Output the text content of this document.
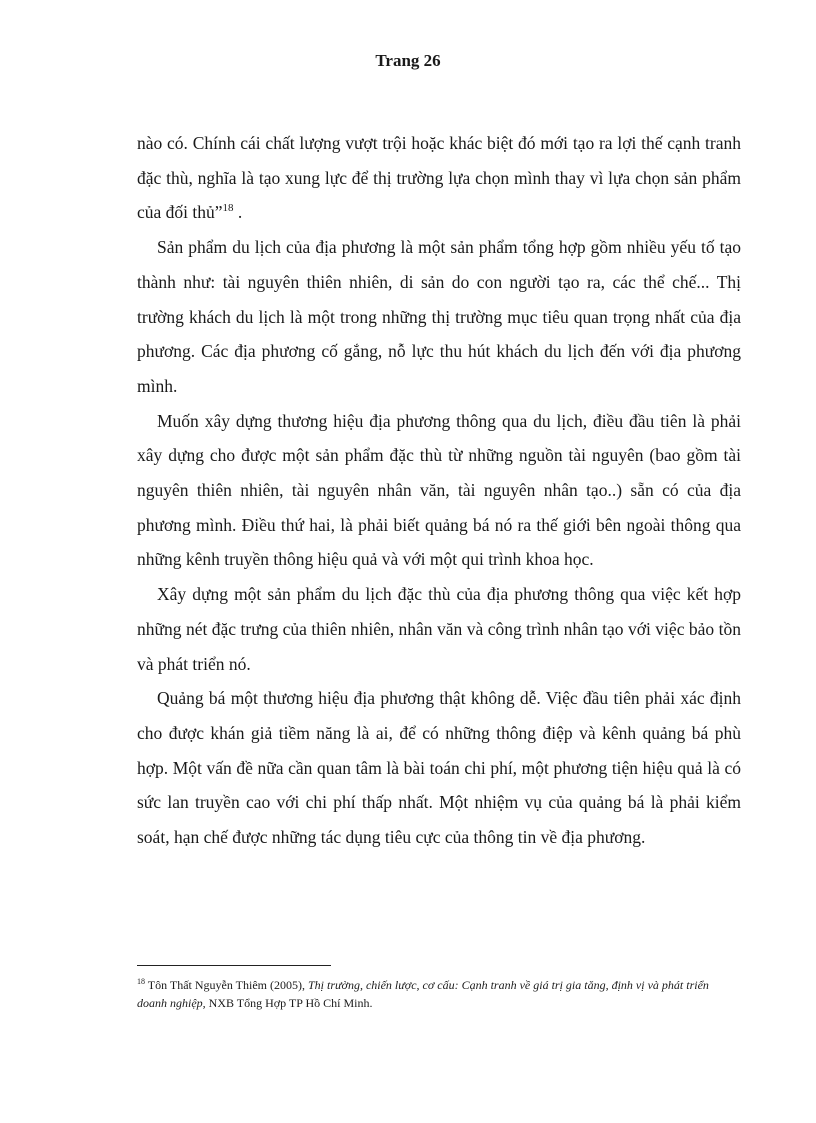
Trang 26

nào có. Chính cái chất lượng vượt trội hoặc khác biệt đó mới tạo ra lợi thế cạnh tranh đặc thù, nghĩa là tạo xung lực để thị trường lựa chọn mình thay vì lựa chọn sản phẩm của đối thủ”$^{18}$ .

Sản phẩm du lịch của địa phương là một sản phẩm tổng hợp gồm nhiều yếu tố tạo thành như: tài nguyên thiên nhiên, di sản do con người tạo ra, các thể chế... Thị trường khách du lịch là một trong những thị trường mục tiêu quan trọng nhất của địa phương. Các địa phương cố gắng, nỗ lực thu hút khách du lịch đến với địa phương mình.

Muốn xây dựng thương hiệu địa phương thông qua du lịch, điều đầu tiên là phải xây dựng cho được một sản phẩm đặc thù từ những nguồn tài nguyên (bao gồm tài nguyên thiên nhiên, tài nguyên nhân văn, tài nguyên nhân tạo..) sẵn có của địa phương mình. Điều thứ hai, là phải biết quảng bá nó ra thế giới bên ngoài thông qua những kênh truyền thông hiệu quả và với một qui trình khoa học.

Xây dựng một sản phẩm du lịch đặc thù của địa phương thông qua việc kết hợp những nét đặc trưng của thiên nhiên, nhân văn và công trình nhân tạo với việc bảo tồn và phát triển nó.

Quảng bá một thương hiệu địa phương thật không dễ. Việc đầu tiên phải xác định cho được khán giả tiềm năng là ai, để có những thông điệp và kênh quảng bá phù hợp. Một vấn đề nữa cần quan tâm là bài toán chi phí, một phương tiện hiệu quả là có sức lan truyền cao với chi phí thấp nhất. Một nhiệm vụ của quảng bá là phải kiểm soát, hạn chế được những tác dụng tiêu cực của thông tin về địa phương.

$^{18}$ Tôn Thất Nguyễn Thiêm (2005), Thị trường, chiến lược, cơ cấu: Cạnh tranh về giá trị gia tăng, định vị và phát triển doanh nghiệp, NXB Tổng Hợp TP Hồ Chí Minh.
